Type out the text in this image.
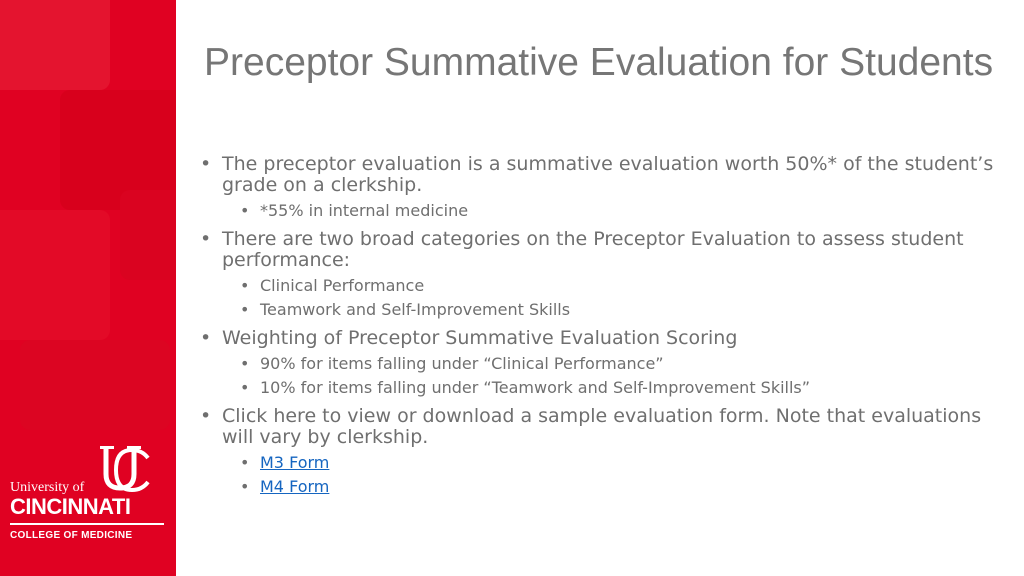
University of
CINCINNATI
COLLEGE OF MEDICINE
Preceptor Summative Evaluation for Students
• The preceptor evaluation is a summative evaluation worth 50%* of the student’s grade on a clerkship.
• *55% in internal medicine
• There are two broad categories on the Preceptor Evaluation to assess student performance:
• Clinical Performance
• Teamwork and Self-Improvement Skills
• Weighting of Preceptor Summative Evaluation Scoring
• 90% for items falling under “Clinical Performance”
• 10% for items falling under “Teamwork and Self-Improvement Skills”
• Click here to view or download a sample evaluation form. Note that evaluations will vary by clerkship.
• M3 Form
• M4 Form
